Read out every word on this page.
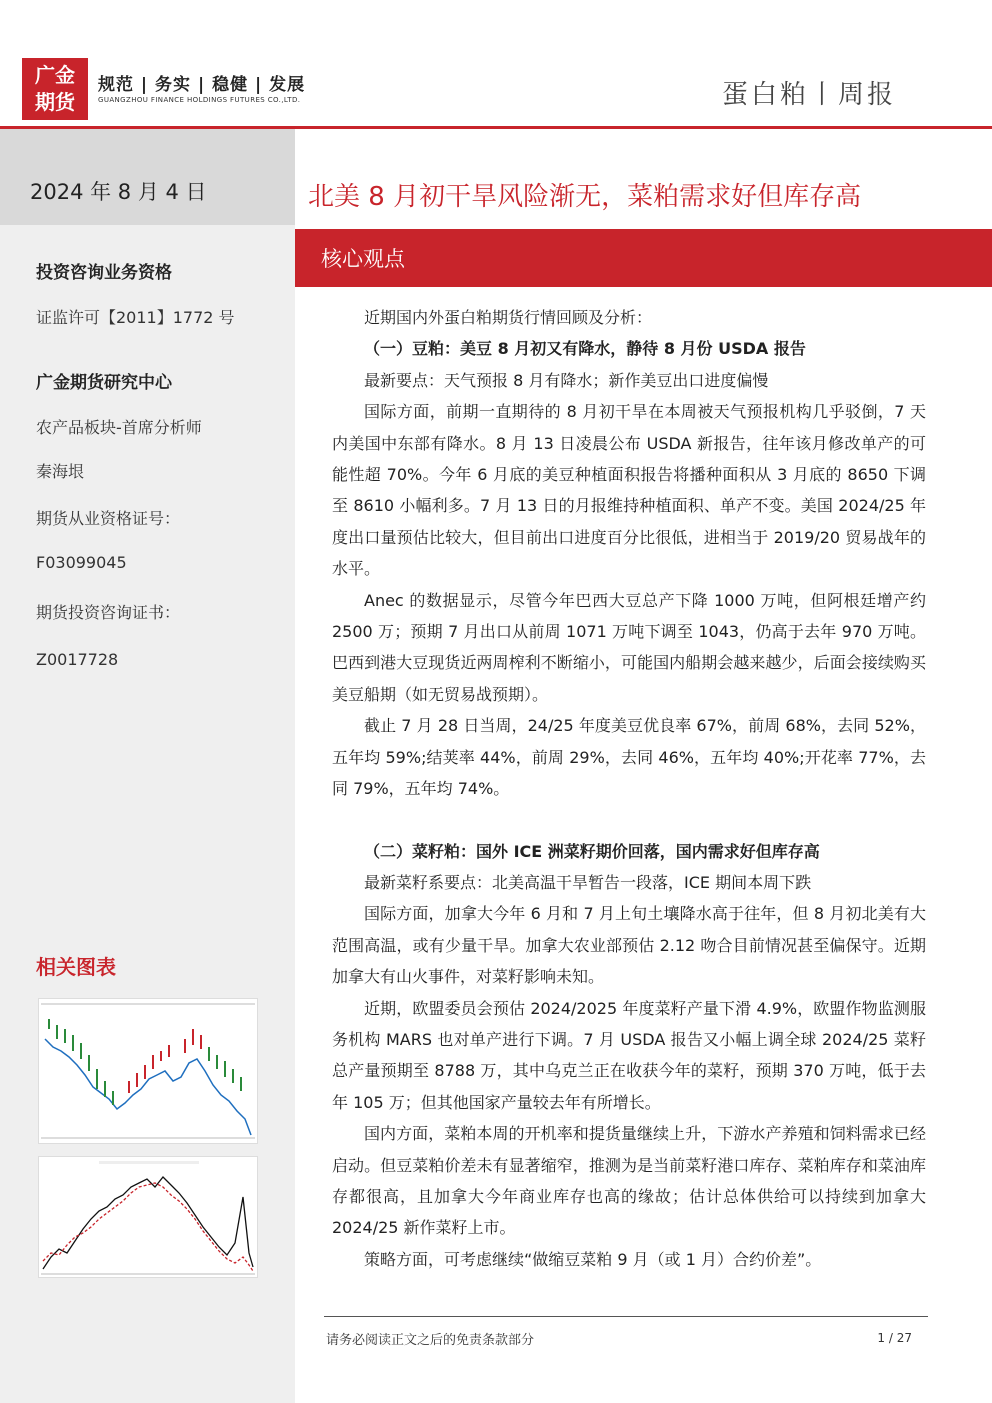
广金
期货
规范 | 务实 | 稳健 | 发展
GUANGZHOU FINANCE HOLDINGS FUTURES CO.,LTD.	蛋白粕丨周报
2024 年 8 月 4 日
投资咨询业务资格
证监许可【2011】1772 号
广金期货研究中心
农产品板块-首席分析师
秦海垠
期货从业资格证号：
F03099045
期货投资咨询证书：
Z0017728
相关图表
北美 8 月初干旱风险渐无，菜粕需求好但库存高
核心观点

近期国内外蛋白粕期货行情回顾及分析：

（一）豆粕：美豆 8 月初又有降水，静待 8 月份 USDA 报告

最新要点：天气预报 8 月有降水；新作美豆出口进度偏慢

国际方面，前期一直期待的 8 月初干旱在本周被天气预报机构几乎驳倒，7 天内美国中东部有降水。8 月 13 日凌晨公布 USDA 新报告，往年该月修改单产的可能性超 70%。今年 6 月底的美豆种植面积报告将播种面积从 3 月底的 8650 下调至 8610 小幅利多。7 月 13 日的月报维持种植面积、单产不变。美国 2024/25 年度出口量预估比较大，但目前出口进度百分比很低，进相当于 2019/20 贸易战年的水平。

Anec 的数据显示，尽管今年巴西大豆总产下降 1000 万吨，但阿根廷增产约 2500 万；预期 7 月出口从前周 1071 万吨下调至 1043，仍高于去年 970 万吨。巴西到港大豆现货近两周榨利不断缩小，可能国内船期会越来越少，后面会接续购买美豆船期（如无贸易战预期）。

截止 7 月 28 日当周，24/25 年度美豆优良率 67%，前周 68%，去同 52%，五年均 59%;结荚率 44%，前周 29%，去同 46%，五年均 40%;开花率 77%，去同 79%，五年均 74%。

（二）菜籽粕：国外 ICE 洲菜籽期价回落，国内需求好但库存高

最新菜籽系要点：北美高温干旱暂告一段落，ICE 期间本周下跌

国际方面，加拿大今年 6 月和 7 月上旬土壤降水高于往年，但 8 月初北美有大范围高温，或有少量干旱。加拿大农业部预估 2.12 吻合目前情况甚至偏保守。近期加拿大有山火事件，对菜籽影响未知。

近期，欧盟委员会预估 2024/2025 年度菜籽产量下滑 4.9%，欧盟作物监测服务机构 MARS 也对单产进行下调。7 月 USDA 报告又小幅上调全球 2024/25 菜籽总产量预期至 8788 万，其中乌克兰正在收获今年的菜籽，预期 370 万吨，低于去年 105 万；但其他国家产量较去年有所增长。

国内方面，菜粕本周的开机率和提货量继续上升，下游水产养殖和饲料需求已经启动。但豆菜粕价差未有显著缩窄，推测为是当前菜籽港口库存、菜粕库存和菜油库存都很高，且加拿大今年商业库存也高的缘故；估计总体供给可以持续到加拿大 2024/25 新作菜籽上市。

策略方面，可考虑继续“做缩豆菜粕 9 月（或 1 月）合约价差”。

请务必阅读正文之后的免责条款部分	1 / 27
